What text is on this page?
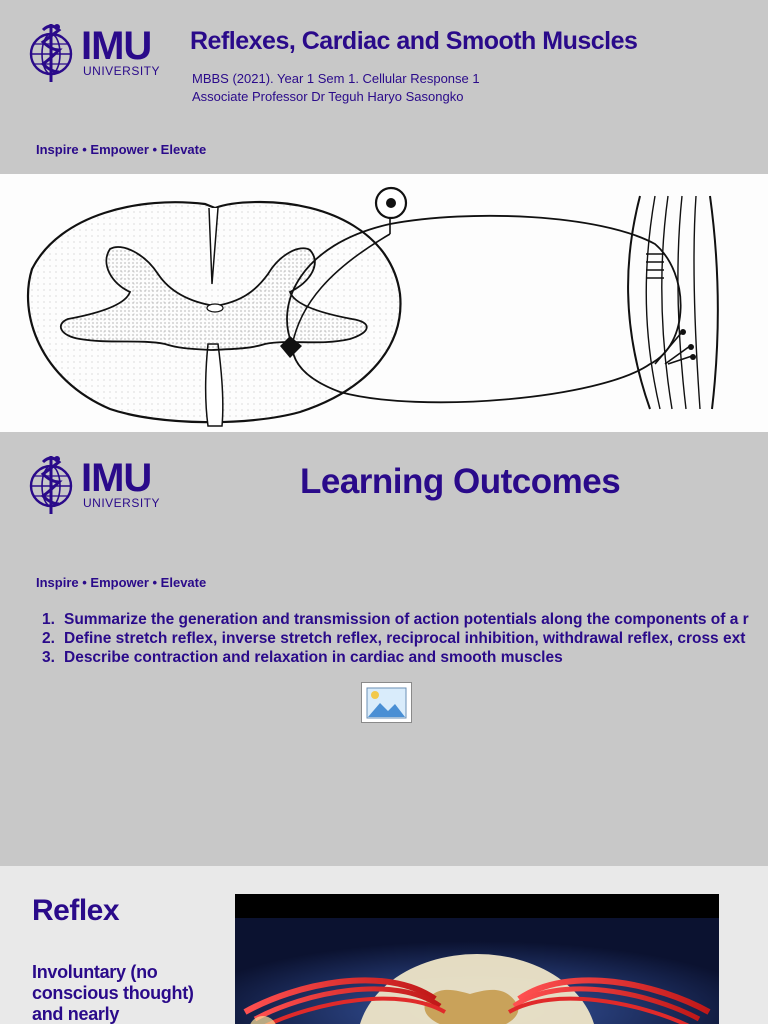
IMU
UNIVERSITY
Reflexes, Cardiac and Smooth Muscles
MBBS (2021). Year 1 Sem 1. Cellular Response 1
Associate Professor Dr Teguh Haryo Sasongko
Inspire • Empower • Elevate
IMU
UNIVERSITY
Learning Outcomes
Inspire • Empower • Elevate
1. Summarize the generation and transmission of action potentials along the components of a r
2. Define stretch reflex, inverse stretch reflex, reciprocal inhibition, withdrawal reflex, cross ext
3. Describe contraction and relaxation in cardiac and smooth muscles
Reflex
Involuntary (no conscious thought) and nearly
